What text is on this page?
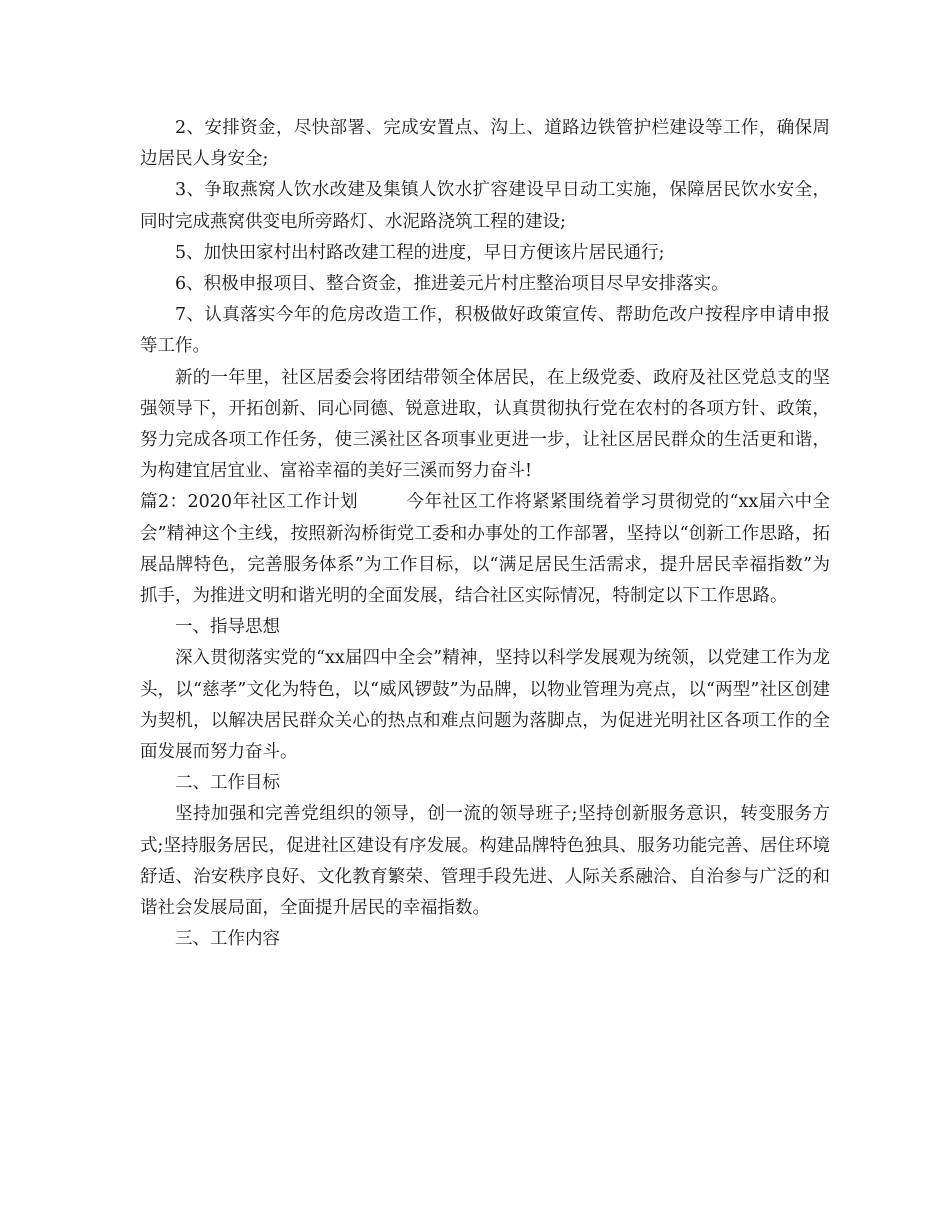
2、安排资金，尽快部署、完成安置点、沟上、道路边铁管护栏建设等工作，确保周边居民人身安全;

3、争取燕窝人饮水改建及集镇人饮水扩容建设早日动工实施，保障居民饮水安全，同时完成燕窝供变电所旁路灯、水泥路浇筑工程的建设;

5、加快田家村出村路改建工程的进度，早日方便该片居民通行;

6、积极申报项目、整合资金，推进姜元片村庄整治项目尽早安排落实。

7、认真落实今年的危房改造工作，积极做好政策宣传、帮助危改户按程序申请申报等工作。

新的一年里，社区居委会将团结带领全体居民，在上级党委、政府及社区党总支的坚强领导下，开拓创新、同心同德、锐意进取，认真贯彻执行党在农村的各项方针、政策，努力完成各项工作任务，使三溪社区各项事业更进一步，让社区居民群众的生活更和谐，为构建宜居宜业、富裕幸福的美好三溪而努力奋斗!

篇2：2020年社区工作计划	今年社区工作将紧紧围绕着学习贯彻党的“xx届六中全会”精神这个主线，按照新沟桥街党工委和办事处的工作部署，坚持以“创新工作思路，拓展品牌特色，完善服务体系”为工作目标，以“满足居民生活需求，提升居民幸福指数”为抓手，为推进文明和谐光明的全面发展，结合社区实际情况，特制定以下工作思路。

一、指导思想

深入贯彻落实党的“xx届四中全会”精神，坚持以科学发展观为统领，以党建工作为龙头，以“慈孝”文化为特色，以“威风锣鼓”为品牌，以物业管理为亮点，以“两型”社区创建为契机，以解决居民群众关心的热点和难点问题为落脚点，为促进光明社区各项工作的全面发展而努力奋斗。

二、工作目标

坚持加强和完善党组织的领导，创一流的领导班子;坚持创新服务意识，转变服务方式;坚持服务居民，促进社区建设有序发展。构建品牌特色独具、服务功能完善、居住环境舒适、治安秩序良好、文化教育繁荣、管理手段先进、人际关系融洽、自治参与广泛的和谐社会发展局面，全面提升居民的幸福指数。

三、工作内容
